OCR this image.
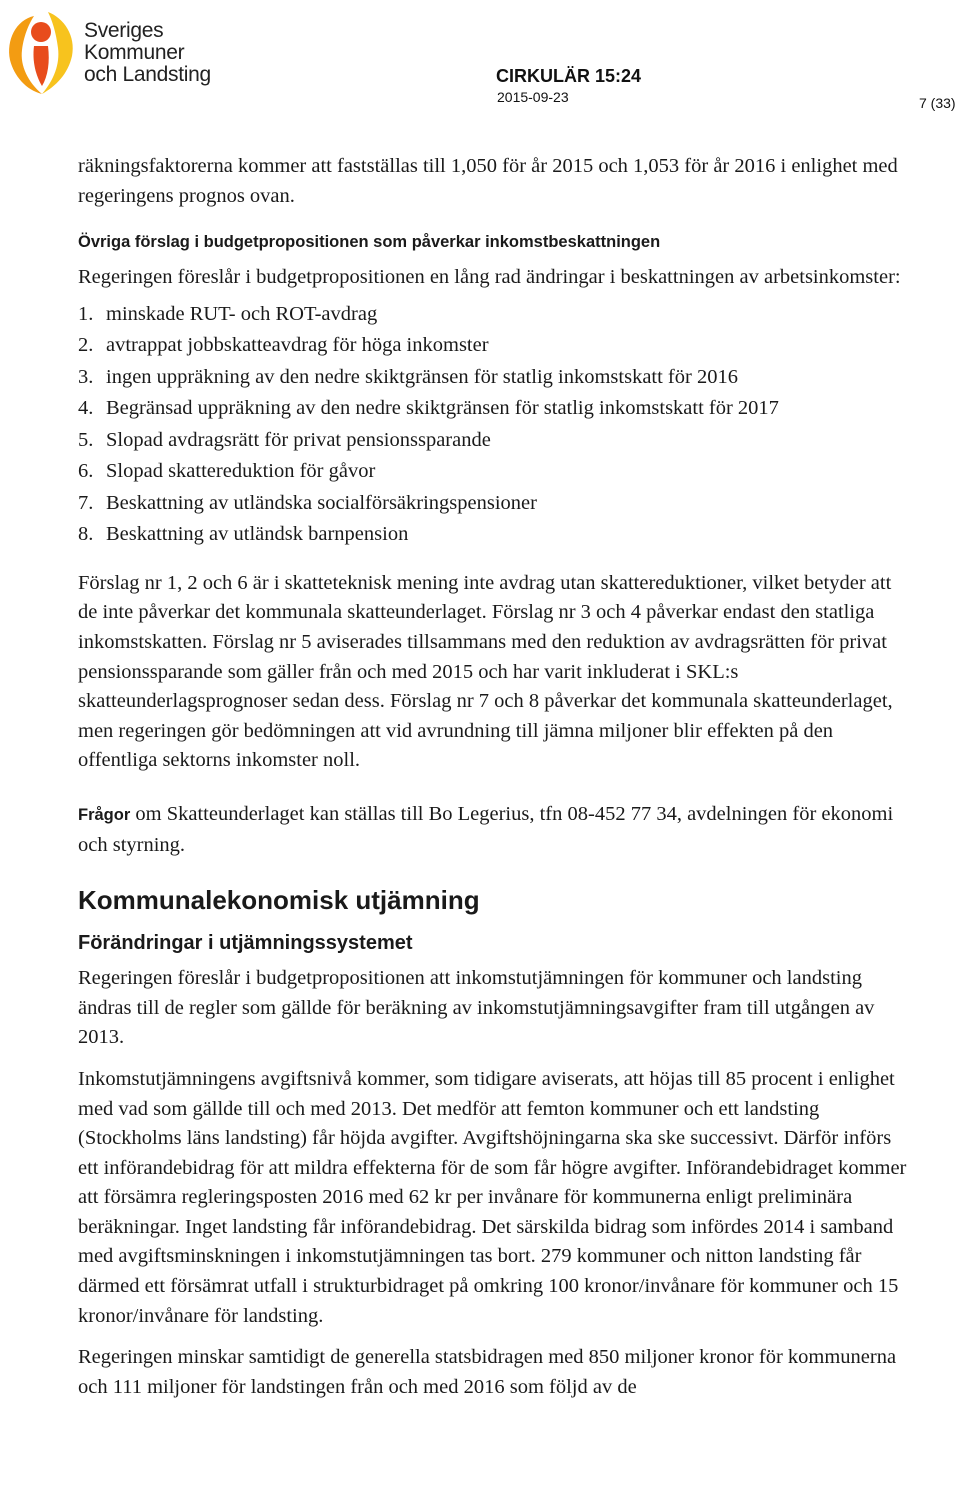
Sveriges
Kommuner
och Landsting	CIRKULÄR 15:24
2015-09-23	7 (33)

räkningsfaktorerna kommer att fastställas till 1,050 för år 2015 och 1,053 för år 2016 i enlighet med regeringens prognos ovan.

Övriga förslag i budgetpropositionen som påverkar inkomstbeskattningen

Regeringen föreslår i budgetpropositionen en lång rad ändringar i beskattningen av arbetsinkomster:

1. minskade RUT- och ROT-avdrag
2. avtrappat jobbskatteavdrag för höga inkomster
3. ingen uppräkning av den nedre skiktgränsen för statlig inkomstskatt för 2016
4. Begränsad uppräkning av den nedre skiktgränsen för statlig inkomstskatt för 2017
5. Slopad avdragsrätt för privat pensionssparande
6. Slopad skattereduktion för gåvor
7. Beskattning av utländska socialförsäkringspensioner
8. Beskattning av utländsk barnpension

Förslag nr 1, 2 och 6 är i skatteteknisk mening inte avdrag utan skattereduktioner, vilket betyder att de inte påverkar det kommunala skatteunderlaget. Förslag nr 3 och 4 påverkar endast den statliga inkomstskatten. Förslag nr 5 aviserades tillsammans med den reduktion av avdragsrätten för privat pensionssparande som gäller från och med 2015 och har varit inkluderat i SKL:s skatteunderlagsprognoser sedan dess. Förslag nr 7 och 8 påverkar det kommunala skatteunderlaget, men regeringen gör bedömningen att vid avrundning till jämna miljoner blir effekten på den offentliga sektorns inkomster noll.

Frågor om Skatteunderlaget kan ställas till Bo Legerius, tfn 08-452 77 34, avdelningen för ekonomi och styrning.

Kommunalekonomisk utjämning
Förändringar i utjämningssystemet

Regeringen föreslår i budgetpropositionen att inkomstutjämningen för kommuner och landsting ändras till de regler som gällde för beräkning av inkomstutjämningsavgifter fram till utgången av 2013.

Inkomstutjämningens avgiftsnivå kommer, som tidigare aviserats, att höjas till 85 procent i enlighet med vad som gällde till och med 2013. Det medför att femton kommuner och ett landsting (Stockholms läns landsting) får höjda avgifter. Avgiftshöjningarna ska ske successivt. Därför införs ett införandebidrag för att mildra effekterna för de som får högre avgifter. Införandebidraget kommer att försämra regleringsposten 2016 med 62 kr per invånare för kommunerna enligt preliminära beräkningar. Inget landsting får införandebidrag. Det särskilda bidrag som infördes 2014 i samband med avgiftsminskningen i inkomstutjämningen tas bort. 279 kommuner och nitton landsting får därmed ett försämrat utfall i strukturbidraget på omkring 100 kronor/invånare för kommuner och 15 kronor/invånare för landsting.

Regeringen minskar samtidigt de generella statsbidragen med 850 miljoner kronor för kommunerna och 111 miljoner för landstingen från och med 2016 som följd av de
